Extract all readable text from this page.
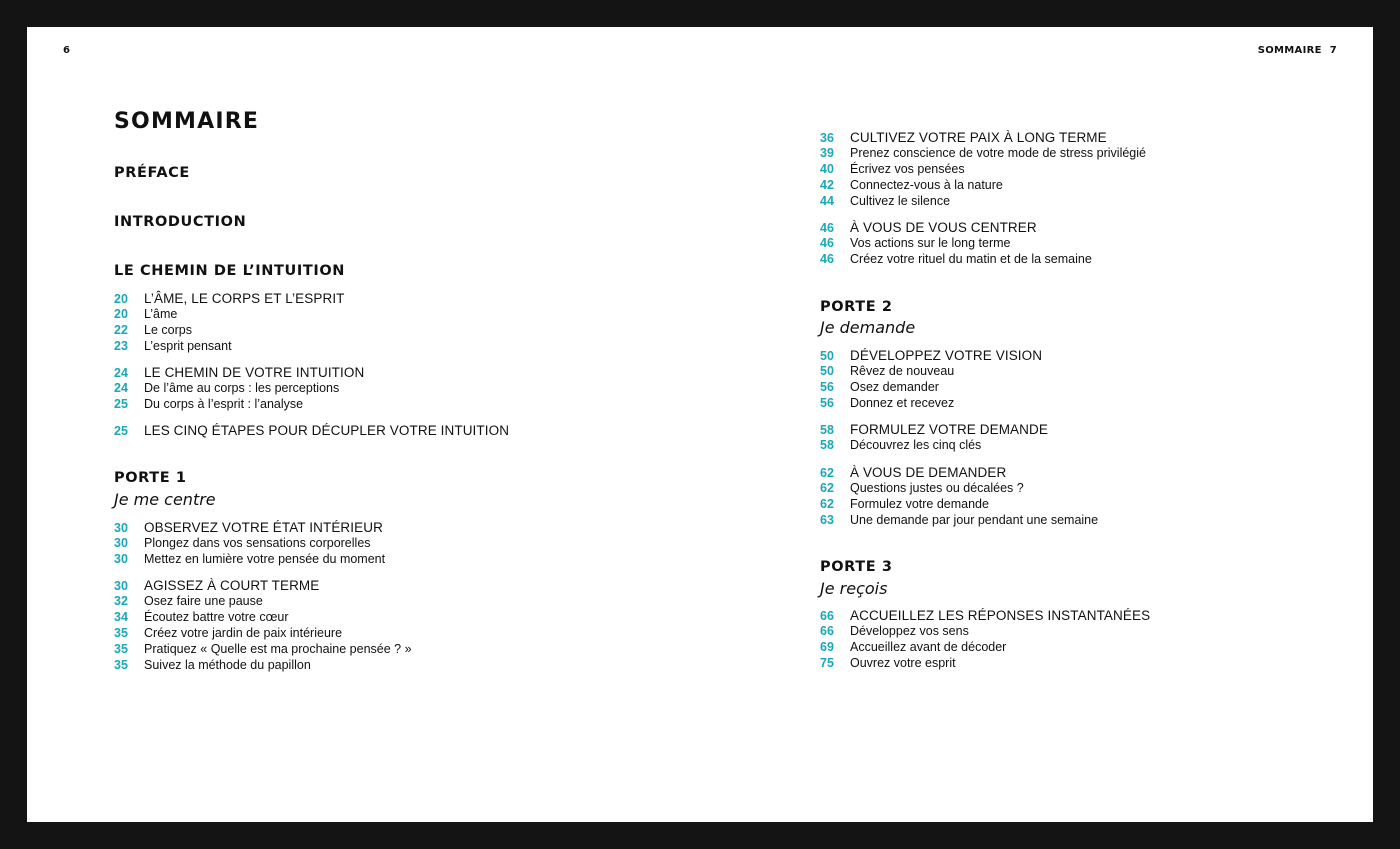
6	SOMMAIRE 7
SOMMAIRE
PRÉFACE
INTRODUCTION
LE CHEMIN DE L’INTUITION
20	L’ÂME, LE CORPS ET L’ESPRIT
20	L’âme
22	Le corps
23	L’esprit pensant
24	LE CHEMIN DE VOTRE INTUITION
24	De l’âme au corps : les perceptions
25	Du corps à l’esprit : l’analyse
25	LES CINQ ÉTAPES POUR DÉCUPLER VOTRE INTUITION
PORTE 1
Je me centre
30	OBSERVEZ VOTRE ÉTAT INTÉRIEUR
30	Plongez dans vos sensations corporelles
30	Mettez en lumière votre pensée du moment
30	AGISSEZ À COURT TERME
32	Osez faire une pause
34	Écoutez battre votre cœur
35	Créez votre jardin de paix intérieure
35	Pratiquez « Quelle est ma prochaine pensée ? »
35	Suivez la méthode du papillon
36	CULTIVEZ VOTRE PAIX À LONG TERME
39	Prenez conscience de votre mode de stress privilégié
40	Écrivez vos pensées
42	Connectez-vous à la nature
44	Cultivez le silence
46	À VOUS DE VOUS CENTRER
46	Vos actions sur le long terme
46	Créez votre rituel du matin et de la semaine
PORTE 2
Je demande
50	DÉVELOPPEZ VOTRE VISION
50	Rêvez de nouveau
56	Osez demander
56	Donnez et recevez
58	FORMULEZ VOTRE DEMANDE
58	Découvrez les cinq clés
62	À VOUS DE DEMANDER
62	Questions justes ou décalées ?
62	Formulez votre demande
63	Une demande par jour pendant une semaine
PORTE 3
Je reçois
66	ACCUEILLEZ LES RÉPONSES INSTANTANÉES
66	Développez vos sens
69	Accueillez avant de décoder
75	Ouvrez votre esprit
